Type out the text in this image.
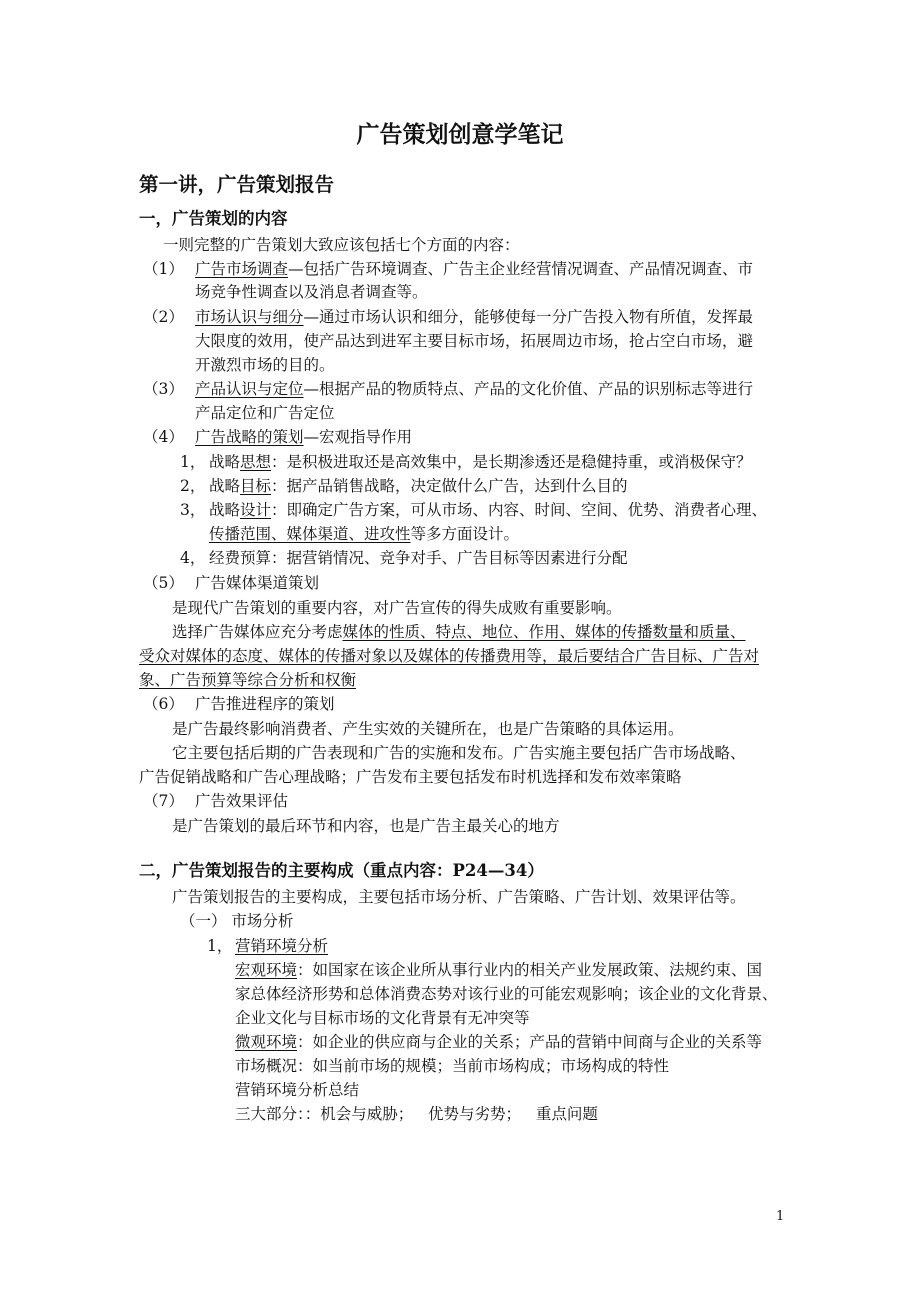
广告策划创意学笔记
第一讲，广告策划报告
一，广告策划的内容
一则完整的广告策划大致应该包括七个方面的内容：
（1） 广告市场调查—包括广告环境调查、广告主企业经营情况调查、产品情况调查、市
场竞争性调查以及消息者调查等。
（2） 市场认识与细分—通过市场认识和细分，能够使每一分广告投入物有所值，发挥最
大限度的效用，使产品达到进军主要目标市场，拓展周边市场，抢占空白市场，避
开激烈市场的目的。
（3） 产品认识与定位—根据产品的物质特点、产品的文化价值、产品的识别标志等进行
产品定位和广告定位
（4） 广告战略的策划—宏观指导作用
1， 战略思想：是积极进取还是高效集中，是长期渗透还是稳健持重，或消极保守？
2， 战略目标：据产品销售战略，决定做什么广告，达到什么目的
3， 战略设计：即确定广告方案，可从市场、内容、时间、空间、优势、消费者心理、
传播范围、媒体渠道、进攻性等多方面设计。
4， 经费预算：据营销情况、竞争对手、广告目标等因素进行分配
（5） 广告媒体渠道策划
是现代广告策划的重要内容，对广告宣传的得失成败有重要影响。
选择广告媒体应充分考虑媒体的性质、特点、地位、作用、媒体的传播数量和质量、
受众对媒体的态度、媒体的传播对象以及媒体的传播费用等，最后要结合广告目标、广告对
象、广告预算等综合分析和权衡
（6） 广告推进程序的策划
是广告最终影响消费者、产生实效的关键所在，也是广告策略的具体运用。
它主要包括后期的广告表现和广告的实施和发布。广告实施主要包括广告市场战略、
广告促销战略和广告心理战略；广告发布主要包括发布时机选择和发布效率策略
（7） 广告效果评估
是广告策划的最后环节和内容，也是广告主最关心的地方
二，广告策划报告的主要构成（重点内容：P24—34）
广告策划报告的主要构成，主要包括市场分析、广告策略、广告计划、效果评估等。
（一） 市场分析
1， 营销环境分析
宏观环境：如国家在该企业所从事行业内的相关产业发展政策、法规约束、国
家总体经济形势和总体消费态势对该行业的可能宏观影响；该企业的文化背景、
企业文化与目标市场的文化背景有无冲突等
微观环境：如企业的供应商与企业的关系；产品的营销中间商与企业的关系等
市场概况：如当前市场的规模；当前市场构成；市场构成的特性
营销环境分析总结
三大部分：：机会与威胁；   优势与劣势；   重点问题
1
